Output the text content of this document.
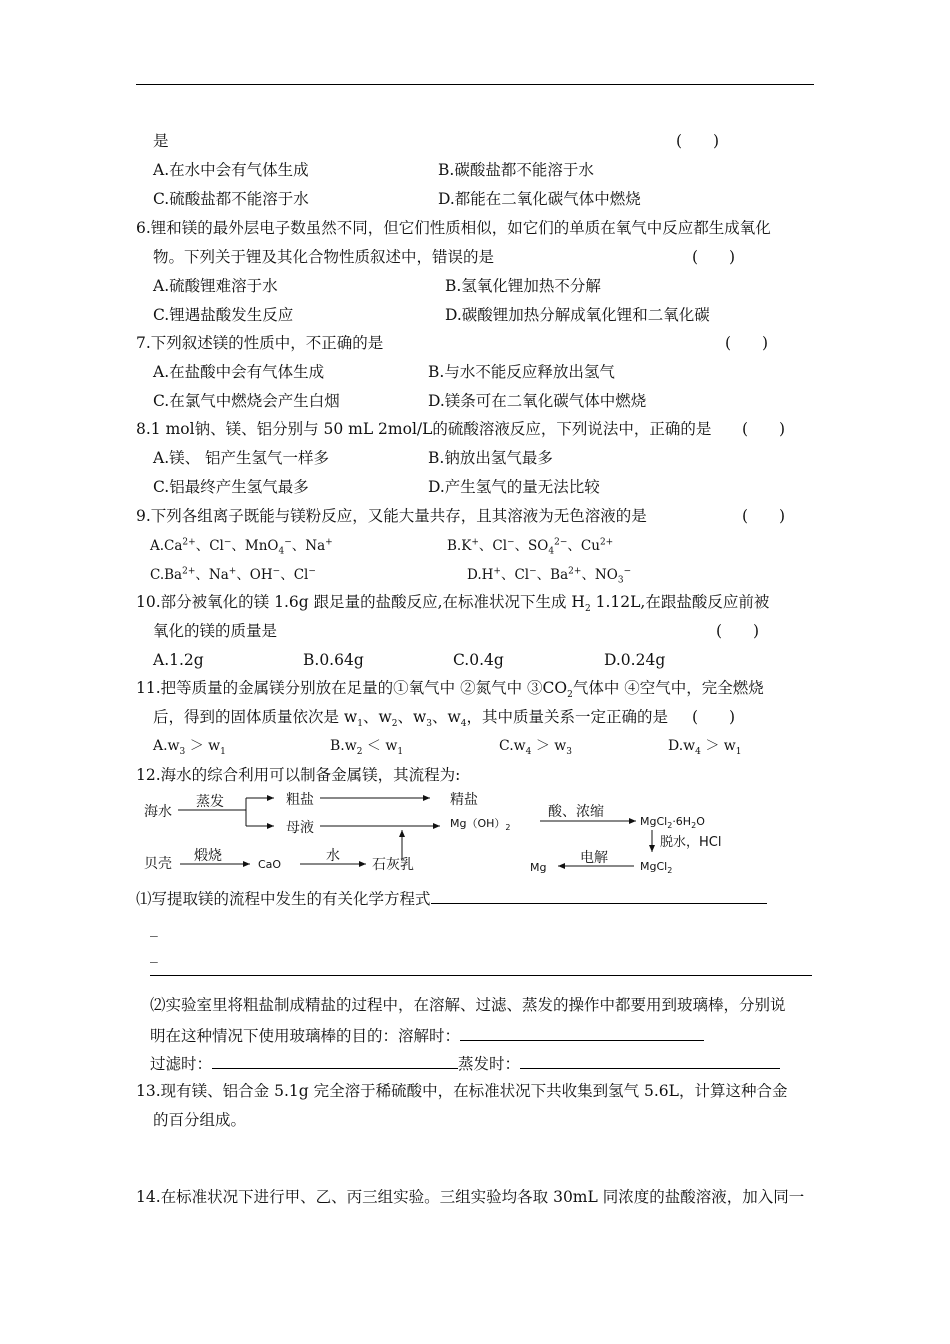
是	(　　)
A.在水中会有气体生成	B.碳酸盐都不能溶于水
C.硫酸盐都不能溶于水	D.都能在二氧化碳气体中燃烧
6.锂和镁的最外层电子数虽然不同，但它们性质相似，如它们的单质在氧气中反应都生成氧化
物。下列关于锂及其化合物性质叙述中，错误的是	(　　)
A.硫酸锂难溶于水	B.氢氧化锂加热不分解
C.锂遇盐酸发生反应	D.碳酸锂加热分解成氧化锂和二氧化碳
7.下列叙述镁的性质中，不正确的是	(　　)
A.在盐酸中会有气体生成	B.与水不能反应释放出氢气
C.在氯气中燃烧会产生白烟	D.镁条可在二氧化碳气体中燃烧
8.1 mol钠、镁、铝分别与 50 mL 2mol/L的硫酸溶液反应，下列说法中，正确的是 (　　)
A.镁、 铝产生氢气一样多	B.钠放出氢气最多
C.铝最终产生氢气最多	D.产生氢气的量无法比较
9.下列各组离子既能与镁粉反应，又能大量共存，且其溶液为无色溶液的是	(　　)
$A.Ca^{2+}$、Cl−、MnO$_4$−、Na+	B.K+、Cl−、$SO_4^{2-}$、$Cu^{2+}$
$C.Ba^{2+}$、Na+、OH−、Cl−	D.H+、Cl−、$Ba^{2+}$、$NO_3^-$
10.部分被氧化的镁 1.6g 跟足量的盐酸反应,在标准状况下生成 $H_2$ 1.12L,在跟盐酸反应前被
氧化的镁的质量是	(　　)
A.1.2g	B.0.64g	C.0.4g	D.0.24g
11.把等质量的金属镁分别放在足量的①氧气中 ②氮气中 $③CO_2$气体中 ④空气中，完全燃烧
后，得到的固体质量依次是 $w_1$、$w_2$、$w_3$、$w_4$，其中质量关系一定正确的是 (　　)
$A.w_3 > w_1$	$B.w_2 < w_1$	$C.w_4 > w_3$	$D.w_4 > w_1$
12.海水的综合利用可以制备金属镁，其流程为:
海水
蒸发	粗盐	精盐
母液	$Mg(OH)_2$
酸、浓缩
$MgCl_2\cdot 6H_2O$
脱水，HCl
贝壳 煅烧
CaO
水
石灰乳	电解
Mg	MgCl$_2$
⑴写提取镁的流程中发生的有关化学方程式
_
_
⑵实验室里将粗盐制成精盐的过程中，在溶解、过滤、蒸发的操作中都要用到玻璃棒，分别说
明在这种情况下使用玻璃棒的目的：溶解时：
过滤时：	蒸发时：
13.现有镁、铝合金 5.1g 完全溶于稀硫酸中，在标准状况下共收集到氢气 5.6L，计算这种合金
的百分组成。
14.在标准状况下进行甲、乙、丙三组实验。三组实验均各取 30mL 同浓度的盐酸溶液，加入同一
